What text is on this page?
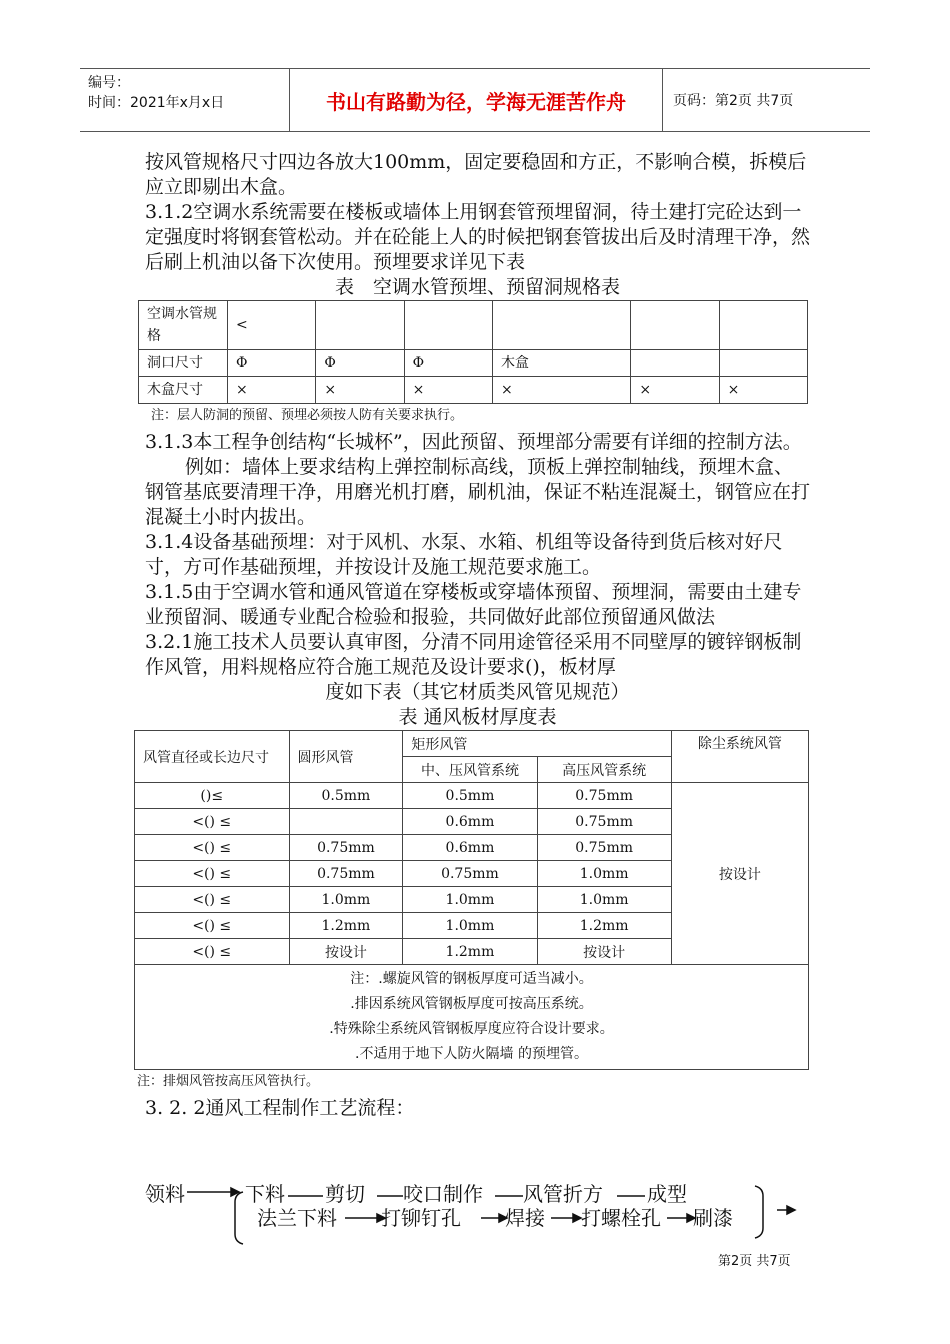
编号：
时间：2021年x月x日	书山有路勤为径，学海无涯苦作舟	页码：第2页 共7页

按风管规格尺寸四边各放大100mm，固定要稳固和方正，不影响合模，拆模后应立即剔出木盒。

3.1.2空调水系统需要在楼板或墙体上用钢套管预埋留洞，待土建打完砼达到一定强度时将钢套管松动。并在砼能上人的时候把钢套管拔出后及时清理干净，然后刷上机油以备下次使用。预埋要求详见下表

表　空调水管预埋、预留洞规格表

空调水管规格	<					
洞口尺寸	Φ	Φ	Φ	木盒		
木盒尺寸	×	×	×	×	×	×

注：层人防洞的预留、预埋必须按人防有关要求执行。

3.1.3本工程争创结构“长城杯”，因此预留、预埋部分需要有详细的控制方法。

例如：墙体上要求结构上弹控制标高线，顶板上弹控制轴线，预埋木盒、钢管基底要清理干净，用磨光机打磨，刷机油，保证不粘连混凝土，钢管应在打混凝土小时内拔出。

3.1.4设备基础预埋：对于风机、水泵、水箱、机组等设备待到货后核对好尺寸，方可作基础预埋，并按设计及施工规范要求施工。

3.1.5由于空调水管和通风管道在穿楼板或穿墙体预留、预埋洞，需要由土建专业预留洞、暖通专业配合检验和报验，共同做好此部位预留通风做法

3.2.1施工技术人员要认真审图，分清不同用途管径采用不同壁厚的镀锌钢板制作风管，用料规格应符合施工规范及设计要求()，板材厚

度如下表（其它材质类风管见规范）

表 通风板材厚度表

风管直径或长边尺寸	圆形风管	矩形风管		除尘系统风管
		中、压风管系统	高压风管系统	
()≤	0.5mm	0.5mm	0.75mm	按设计
<() ≤		0.6mm	0.75mm	
<() ≤	0.75mm	0.6mm	0.75mm	
<() ≤	0.75mm	0.75mm	1.0mm	
<() ≤	1.0mm	1.0mm	1.0mm	
<() ≤	1.2mm	1.0mm	1.2mm	
<() ≤	按设计	1.2mm	按设计	

注：.螺旋风管的钢板厚度可适当减小。
.排因系统风管钢板厚度可按高压系统。
.特殊除尘系统风管钢板厚度应符合设计要求。
.不适用于地下人防火隔墙 的预埋管。				

注：排烟风管按高压风管执行。

3. 2. 2通风工程制作工艺流程：

领料	下料 剪切 咬口制作 风管折方 成型
法兰下料 打铆钉孔 焊接 打螺栓孔 刷漆
第2页 共7页
